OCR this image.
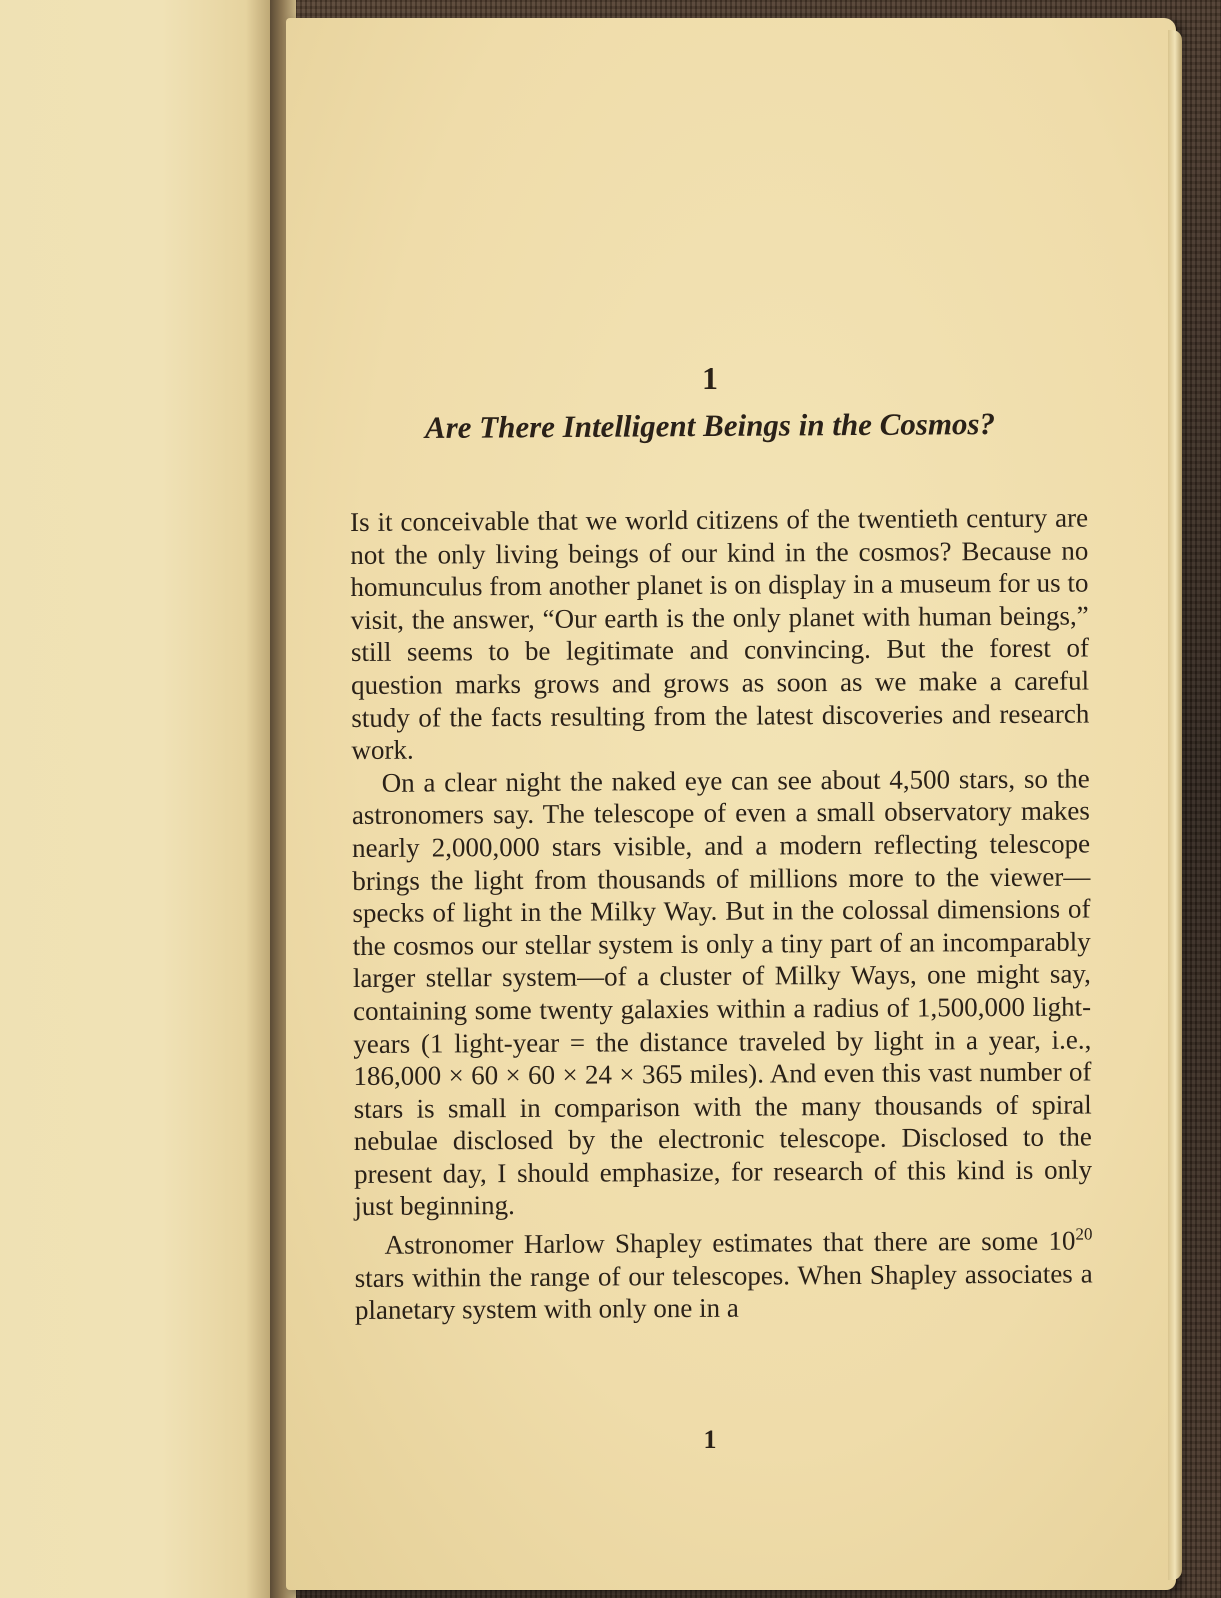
1
Are There Intelligent Beings in the Cosmos?

Is it conceivable that we world citizens of the twentieth century are not the only living beings of our kind in the cosmos? Because no homunculus from another planet is on display in a museum for us to visit, the answer, “Our earth is the only planet with human beings,” still seems to be legitimate and convincing. But the forest of question marks grows and grows as soon as we make a careful study of the facts resulting from the latest discoveries and research work.

On a clear night the naked eye can see about 4,500 stars, so the astronomers say. The telescope of even a small observatory makes nearly 2,000,000 stars visible, and a modern reflecting telescope brings the light from thousands of millions more to the viewer—specks of light in the Milky Way. But in the colossal dimensions of the cosmos our stellar system is only a tiny part of an incomparably larger stellar system—of a cluster of Milky Ways, one might say, containing some twenty galaxies within a radius of 1,500,000 light-years (1 light-year = the distance traveled by light in a year, i.e., 186,000 × 60 × 60 × 24 × 365 miles). And even this vast number of stars is small in comparison with the many thousands of spiral nebulae disclosed by the electronic telescope. Disclosed to the present day, I should emphasize, for research of this kind is only just beginning.

Astronomer Harlow Shapley estimates that there are some $10^{20}$ stars within the range of our telescopes. When Shapley associates a planetary system with only one in a

1
